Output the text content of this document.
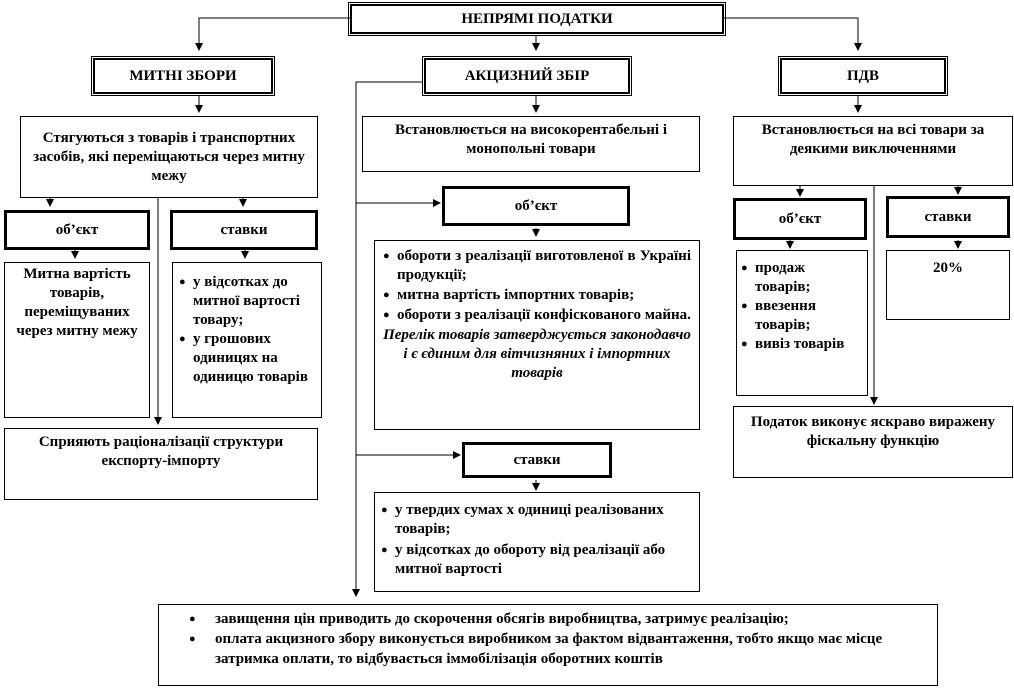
НЕПРЯМІ ПОДАТКИ
МИТНІ ЗБОРИ
Стягуються з товарів і транспортних засобів, які переміщаються через митну межу
об’єкт	ставки
Митна вартість товарів, переміщуваних через митну межу
● у відсотках до митної вартості товару;
● у грошових одиницях на одиницю товарів
Сприяють раціоналізації структури експорту-імпорту
АКЦИЗНИЙ ЗБІР
Встановлюється на високорентабельні і монопольні товари
об’єкт
● обороти з реалізації виготовленої в Україні продукції;
● митна вартість імпортних товарів;
● обороти з реалізації конфіскованого майна.
Перелік товарів затверджується законодавчо і є єдиним для вітчизняних і імпортних товарів
ставки
● у твердих сумах х одиниці реалізованих товарів;
● у відсотках до обороту від реалізації або митної вартості
● завищення цін приводить до скорочення обсягів виробництва, затримує реалізацію;
● оплата акцизного збору виконується виробником за фактом відвантаження, тобто якщо має місце затримка оплати, то відбувається іммобілізація оборотних коштів
ПДВ
Встановлюється на всі товари за деякими виключеннями
об’єкт	ставки
● продаж товарів;
● ввезення товарів;
● вивіз товарів
20%
Податок виконує яскраво виражену фіскальну функцію
